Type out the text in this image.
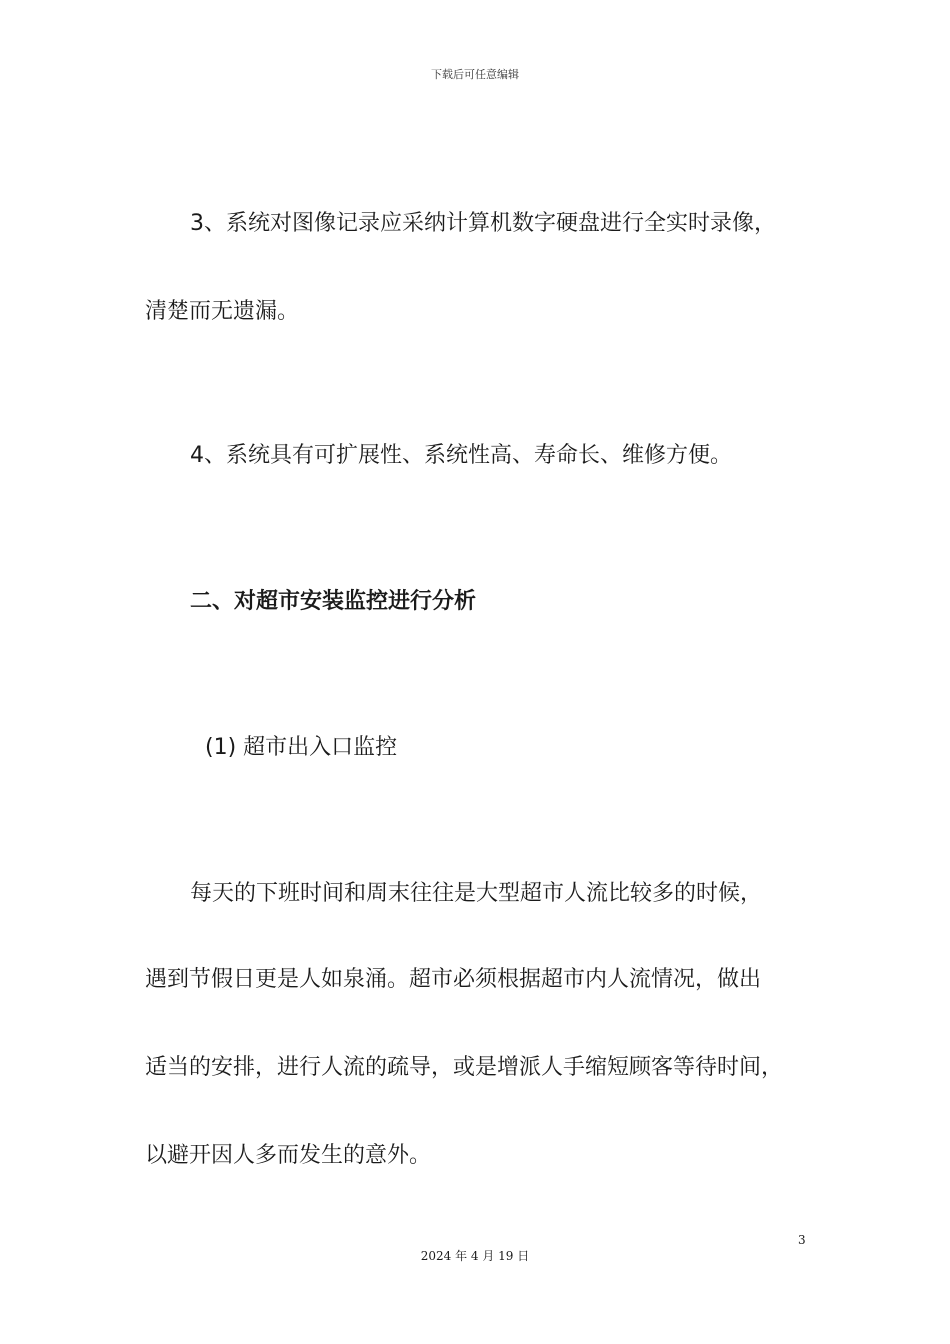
下载后可任意编辑
3、系统对图像记录应采纳计算机数字硬盘进行全实时录像，
清楚而无遗漏。
4、系统具有可扩展性、系统性高、寿命长、维修方便。
二、对超市安装监控进行分析
(1) 超市出入口监控
每天的下班时间和周末往往是大型超市人流比较多的时候，
遇到节假日更是人如泉涌。超市必须根据超市内人流情况，做出
适当的安排，进行人流的疏导，或是增派人手缩短顾客等待时间，
以避开因人多而发生的意外。
3
2024 年 4 月 19 日
